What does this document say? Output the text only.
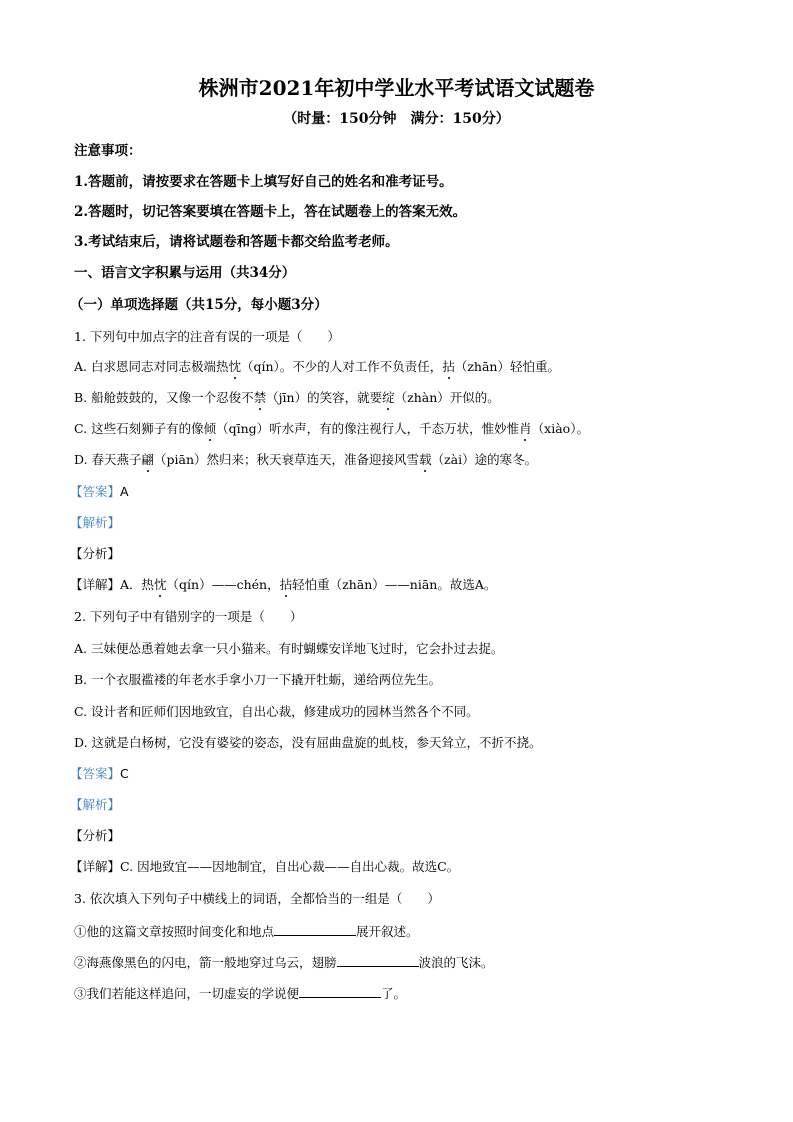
株洲市2021年初中学业水平考试语文试题卷
（时量：150分钟　满分：150分）
注意事项：
1.答题前，请按要求在答题卡上填写好自己的姓名和准考证号。
2.答题时，切记答案要填在答题卡上，答在试题卷上的答案无效。
3.考试结束后，请将试题卷和答题卡都交给监考老师。
一、语言文字积累与运用（共34分）
（一）单项选择题（共15分，每小题3分）
1. 下列句中加点字的注音有误的一项是（　　）
A. 白求恩同志对同志极端热忱（qín）。不少的人对工作不负责任，拈（zhān）轻怕重。
B. 船舱鼓鼓的，又像一个忍俊不禁（jīn）的笑容，就要绽（zhàn）开似的。
C. 这些石刻狮子有的像倾（qīng）听水声，有的像注视行人，千态万状，惟妙惟肖（xiào）。
D. 春天燕子翩（piān）然归来；秋天衰草连天，准备迎接风雪载（zài）途的寒冬。
【答案】A
【解析】
【分析】
【详解】A．热忱（qín）——chén，拈轻怕重（zhān）——niān。故选A。
2. 下列句子中有错别字的一项是（　　）
A. 三妹便怂恿着她去拿一只小猫来。有时蝴蝶安详地飞过时，它会扑过去捉。
B. 一个衣服褴褛的年老水手拿小刀一下撬开牡蛎，递给两位先生。
C. 设计者和匠师们因地致宜，自出心裁，修建成功的园林当然各个不同。
D. 这就是白杨树，它没有婆娑的姿态，没有屈曲盘旋的虬枝，参天耸立，不折不挠。
【答案】C
【解析】
【分析】
【详解】C. 因地致宜——因地制宜，自出心裁——自出心裁。故选C。
3. 依次填入下列句子中横线上的词语，全都恰当的一组是（　　）
①他的这篇文章按照时间变化和地点	展开叙述。
②海燕像黑色的闪电，箭一般地穿过乌云，翅膀	波浪的飞沫。
③我们若能这样追问，一切虚妄的学说便	了。
